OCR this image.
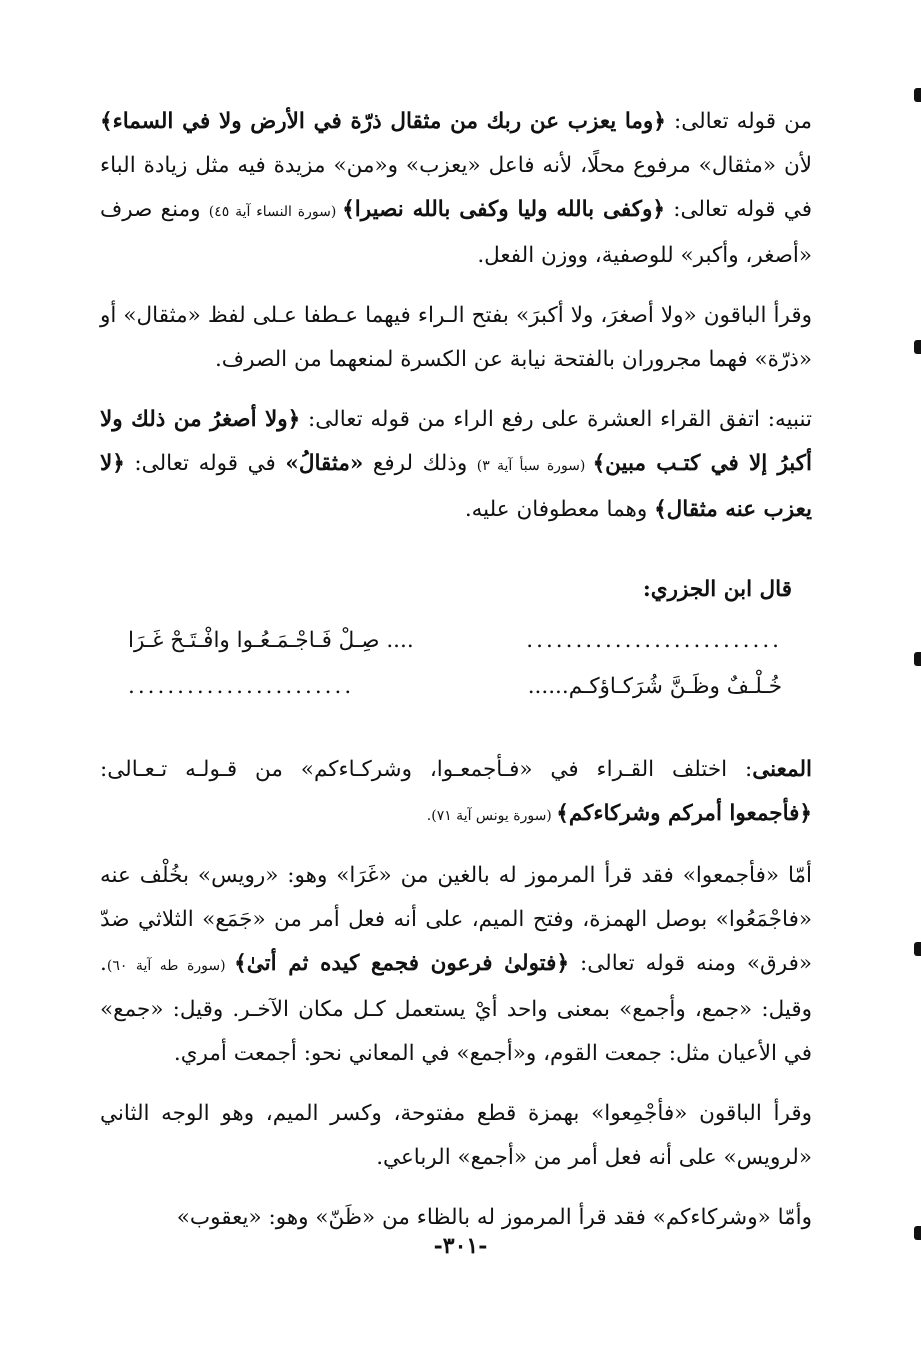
من قوله تعالى: ﴿وما يعزب عن ربك من مثقال ذرّة في الأرض ولا في السماء﴾ لأن «مثقال» مرفوع محلًا، لأنه فاعل «يعزب» و«من» مزيدة فيه مثل زيادة الباء في قوله تعالى: ﴿وكفى بالله وليا وكفى بالله نصيرا﴾ (سورة النساء آية ٤٥) ومنع صرف «أصغر، وأكبر» للوصفية، ووزن الفعل.

وقرأ الباقون «ولا أصغرَ، ولا أكبرَ» بفتح الـراء فيهما عـطفا عـلى لفظ «مثقال» أو «ذرّة» فهما مجروران بالفتحة نيابة عن الكسرة لمنعهما من الصرف.

تنبيه: اتفق القراء العشرة على رفع الراء من قوله تعالى: ﴿ولا أصغرُ من ذلك ولا أكبرُ إلا في كتـب مبين﴾ (سورة سبأ آية ٣) وذلك لرفع «مثقالُ» في قوله تعالى: ﴿لا يعزب عنه مثقال﴾ وهما معطوفان عليه.

قال ابن الجزري:
..........................
.... صِـلْ فَـاجْـمَـعُـوا وافْـتَـحْ غَـرَا
خُـلْـفٌ وظَـنَّ شُرَكـاؤكـم......
.......................

المعنى: اختلف القـراء في «فـأجمعـوا، وشركـاءكم» من قـولـه تـعـالى: ﴿فأجمعوا أمركم وشركاءكم﴾ (سورة يونس آية ٧١).

أمّا «فأجمعوا» فقد قرأ المرموز له بالغين من «غَرَا» وهو: «رويس» بخُلْف عنه «فاجْمَعُوا» بوصل الهمزة، وفتح الميم، على أنه فعل أمر من «جَمَع» الثلاثي ضدّ «فرق» ومنه قوله تعالى: ﴿فتولىٰ فرعون فجمع كيده ثم أتىٰ﴾ (سورة طه آية ٦٠). وقيل: «جمع، وأجمع» بمعنى واحد أيْ يستعمل كـل مكان الآخـر. وقيل: «جمع» في الأعيان مثل: جمعت القوم، و«أجمع» في المعاني نحو: أجمعت أمري.

وقرأ الباقون «فأجْمِعوا» بهمزة قطع مفتوحة، وكسر الميم، وهو الوجه الثاني «لرويس» على أنه فعل أمر من «أجمع» الرباعي.

وأمّا «وشركاءكم» فقد قرأ المرموز له بالظاء من «ظَنّ» وهو: «يعقوب»

-٣٠١-
